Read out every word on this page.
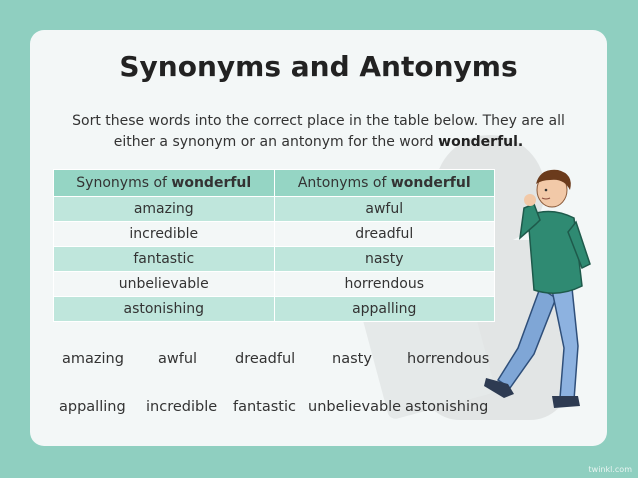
Synonyms and Antonyms
Sort these words into the correct place in the table below. They are all either a synonym or an antonym for the word wonderful.
Synonyms of wonderful	Antonyms of wonderful
amazing	awful
incredible	dreadful
fantastic	nasty
unbelievable	horrendous
astonishing	appalling
amazing awful	dreadful	nasty horrendous
appalling incredible fantastic unbelievable astonishing
twinkl.com
